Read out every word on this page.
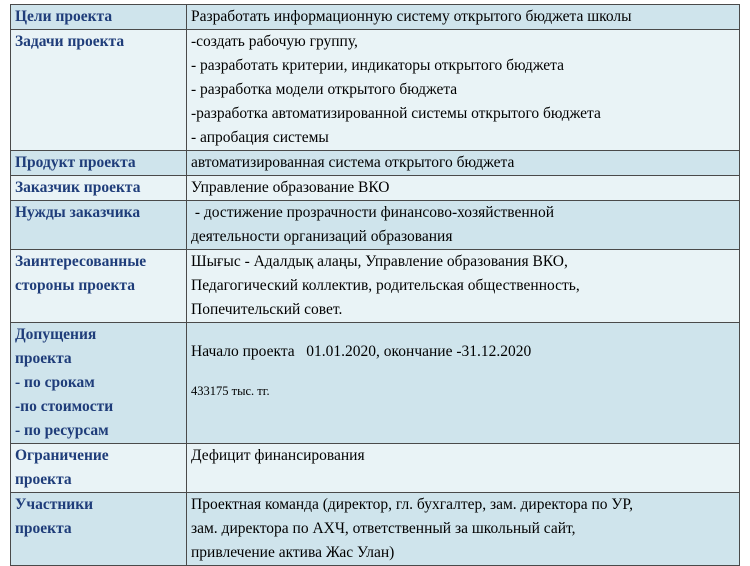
Цели проекта	Разработать информационную систему открытого бюджета школы

Задачи проекта	-создать рабочую группу,
- разработать критерии, индикаторы открытого бюджета
- разработка модели открытого бюджета
-разработка автоматизированной системы открытого бюджета
- апробация системы

Продукт проекта	автоматизированная система открытого бюджета

Заказчик проекта	Управление образование ВКО

Нужды заказчика	- достижение прозрачности финансово-хозяйственной
деятельности организаций образования

Заинтересованные
стороны проекта	Шығыс - Адалдық алаңы, Управление образования ВКО,
Педагогический коллектив, родительская общественность,
Попечительский совет.

Допущения
проекта
- по срокам
-по стоимости
- по ресурсам	Начало проекта   01.01.2020, окончание -31.12.2020
433175 тыс. тг.

Ограничение
проекта	Дефицит финансирования

Участники
проекта	Проектная команда (директор, гл. бухгалтер, зам. директора по УР,
зам. директора по АХЧ, ответственный за школьный сайт,
привлечение актива Жас Улан)
